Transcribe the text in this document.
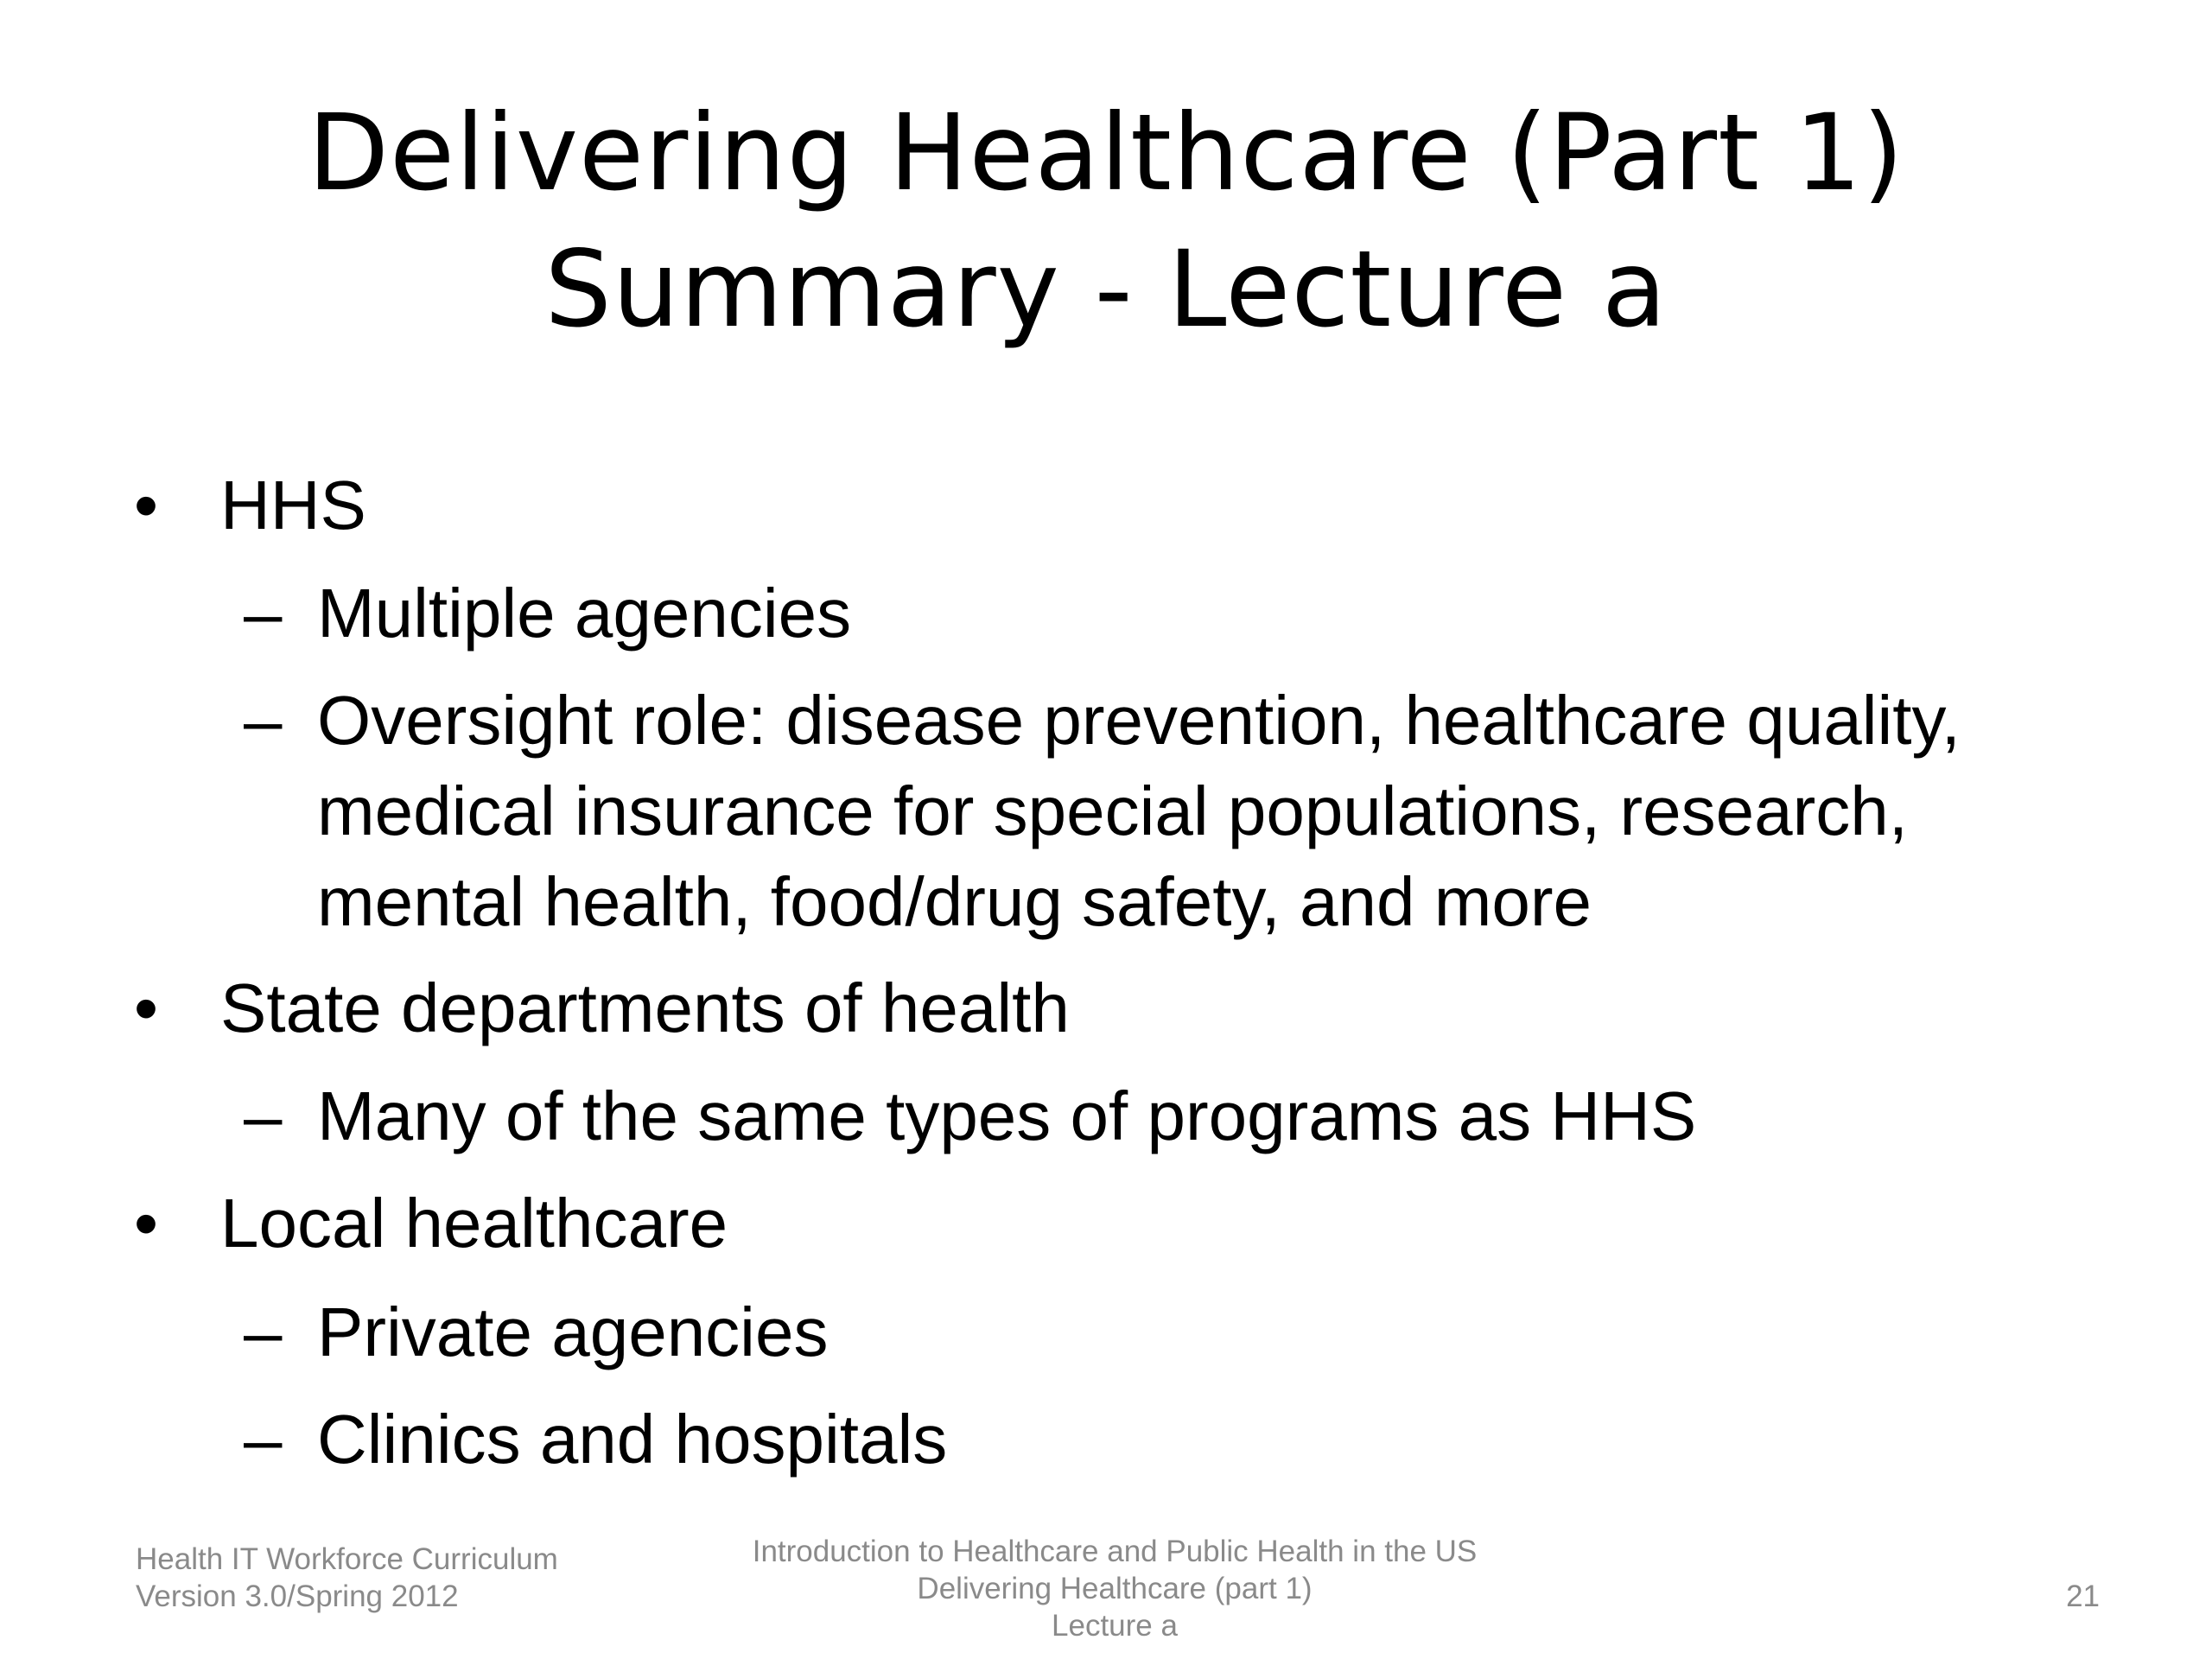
Delivering Healthcare (Part 1)
Summary - Lecture a
• HHS
– Multiple agencies
– Oversight role: disease prevention, healthcare quality,
medical insurance for special populations, research,
mental health, food/drug safety, and more
• State departments of health
– Many of the same types of programs as HHS
• Local healthcare
– Private agencies
– Clinics and hospitals
Health IT Workforce Curriculum
Version 3.0/Spring 2012
Introduction to Healthcare and Public Health in the US
Delivering Healthcare (part 1)
Lecture a
21
